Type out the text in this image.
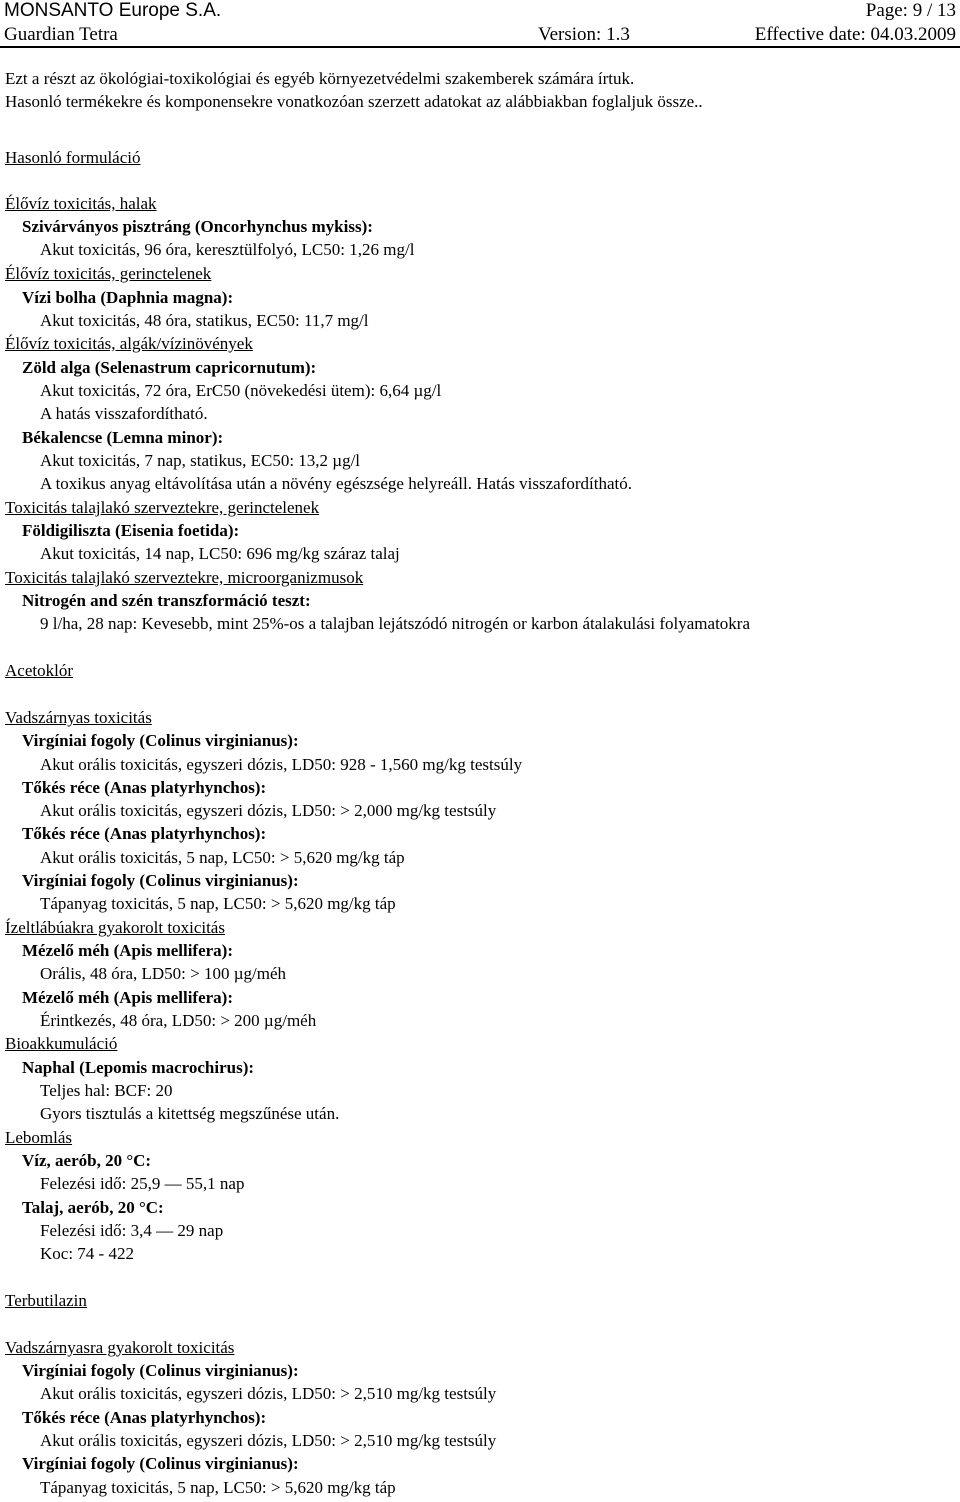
MONSANTO Europe S.A.	Page: 9 / 13
Guardian Tetra	Version: 1.3	Effective date: 04.03.2009
Ezt a részt az ökológiai-toxikológiai és egyéb környezetvédelmi szakemberek számára írtuk.
Hasonló termékekre és komponensekre vonatkozóan szerzett adatokat az alábbiakban foglaljuk össze..
Hasonló formuláció
Élővíz toxicitás, halak
Szivárványos pisztráng (Oncorhynchus mykiss):
Akut toxicitás, 96 óra, keresztülfolyó, LC50: 1,26 mg/l
Élővíz toxicitás, gerinctelenek
Vízi bolha (Daphnia magna):
Akut toxicitás, 48 óra, statikus, EC50: 11,7 mg/l
Élővíz toxicitás, algák/vízinövények
Zöld alga (Selenastrum capricornutum):
Akut toxicitás, 72 óra, ErC50 (növekedési ütem): 6,64 µg/l
A hatás visszafordítható.
Békalencse (Lemna minor):
Akut toxicitás, 7 nap, statikus, EC50: 13,2 µg/l
A toxikus anyag eltávolítása után a növény egészsége helyreáll. Hatás visszafordítható.
Toxicitás talajlakó szerveztekre, gerinctelenek
Földigiliszta (Eisenia foetida):
Akut toxicitás, 14 nap, LC50: 696 mg/kg száraz talaj
Toxicitás talajlakó szerveztekre, microorganizmusok
Nitrogén and szén transzformáció teszt:
9 l/ha, 28 nap: Kevesebb, mint 25%-os a talajban lejátszódó nitrogén or karbon átalakulási folyamatokra
Acetoklór
Vadszárnyas toxicitás
Virgíniai fogoly (Colinus virginianus):
Akut orális toxicitás, egyszeri dózis, LD50: 928 - 1,560 mg/kg testsúly
Tőkés réce (Anas platyrhynchos):
Akut orális toxicitás, egyszeri dózis, LD50: > 2,000 mg/kg testsúly
Tőkés réce (Anas platyrhynchos):
Akut orális toxicitás, 5 nap, LC50: > 5,620 mg/kg táp
Virgíniai fogoly (Colinus virginianus):
Tápanyag toxicitás, 5 nap, LC50: > 5,620 mg/kg táp
Ízeltlábúakra gyakorolt toxicitás
Mézelő méh (Apis mellifera):
Orális, 48 óra, LD50: > 100 µg/méh
Mézelő méh (Apis mellifera):
Érintkezés, 48 óra, LD50: > 200 µg/méh
Bioakkumuláció
Naphal (Lepomis macrochirus):
Teljes hal: BCF: 20
Gyors tisztulás a kitettség megszűnése után.
Lebomlás
Víz, aerób, 20 °C:
Felezési idő: 25,9 — 55,1 nap
Talaj, aerób, 20 °C:
Felezési idő: 3,4 — 29 nap
Koc: 74 - 422
Terbutilazin
Vadszárnyasra gyakorolt toxicitás
Virgíniai fogoly (Colinus virginianus):
Akut orális toxicitás, egyszeri dózis, LD50: > 2,510 mg/kg testsúly
Tőkés réce (Anas platyrhynchos):
Akut orális toxicitás, egyszeri dózis, LD50: > 2,510 mg/kg testsúly
Virgíniai fogoly (Colinus virginianus):
Tápanyag toxicitás, 5 nap, LC50: > 5,620 mg/kg táp
